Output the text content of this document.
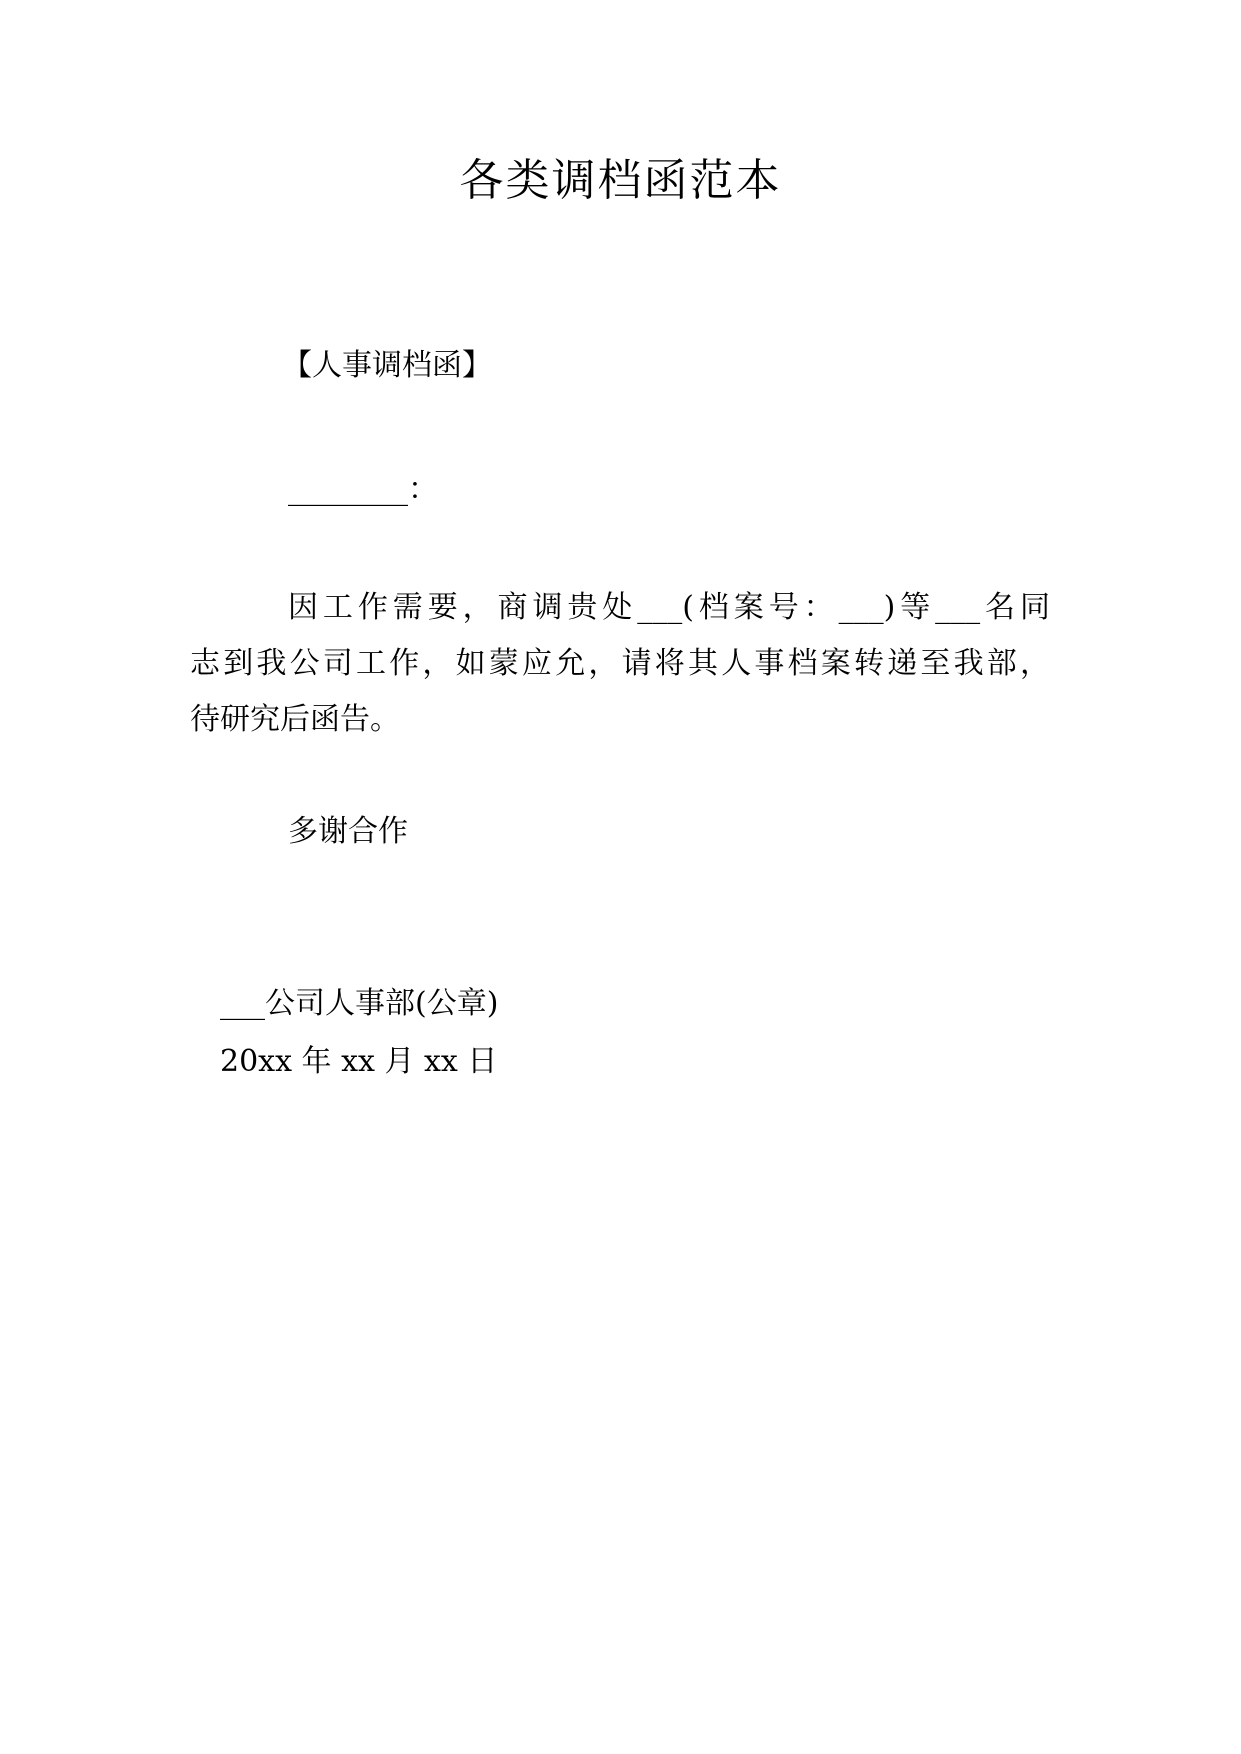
各类调档函范本
【人事调档函】
________：
因工作需要，商调贵处___(档案号：___)等___名同
志到我公司工作，如蒙应允，请将其人事档案转递至我部，
待研究后函告。
多谢合作
___公司人事部(公章)
20xx 年 xx 月 xx 日
